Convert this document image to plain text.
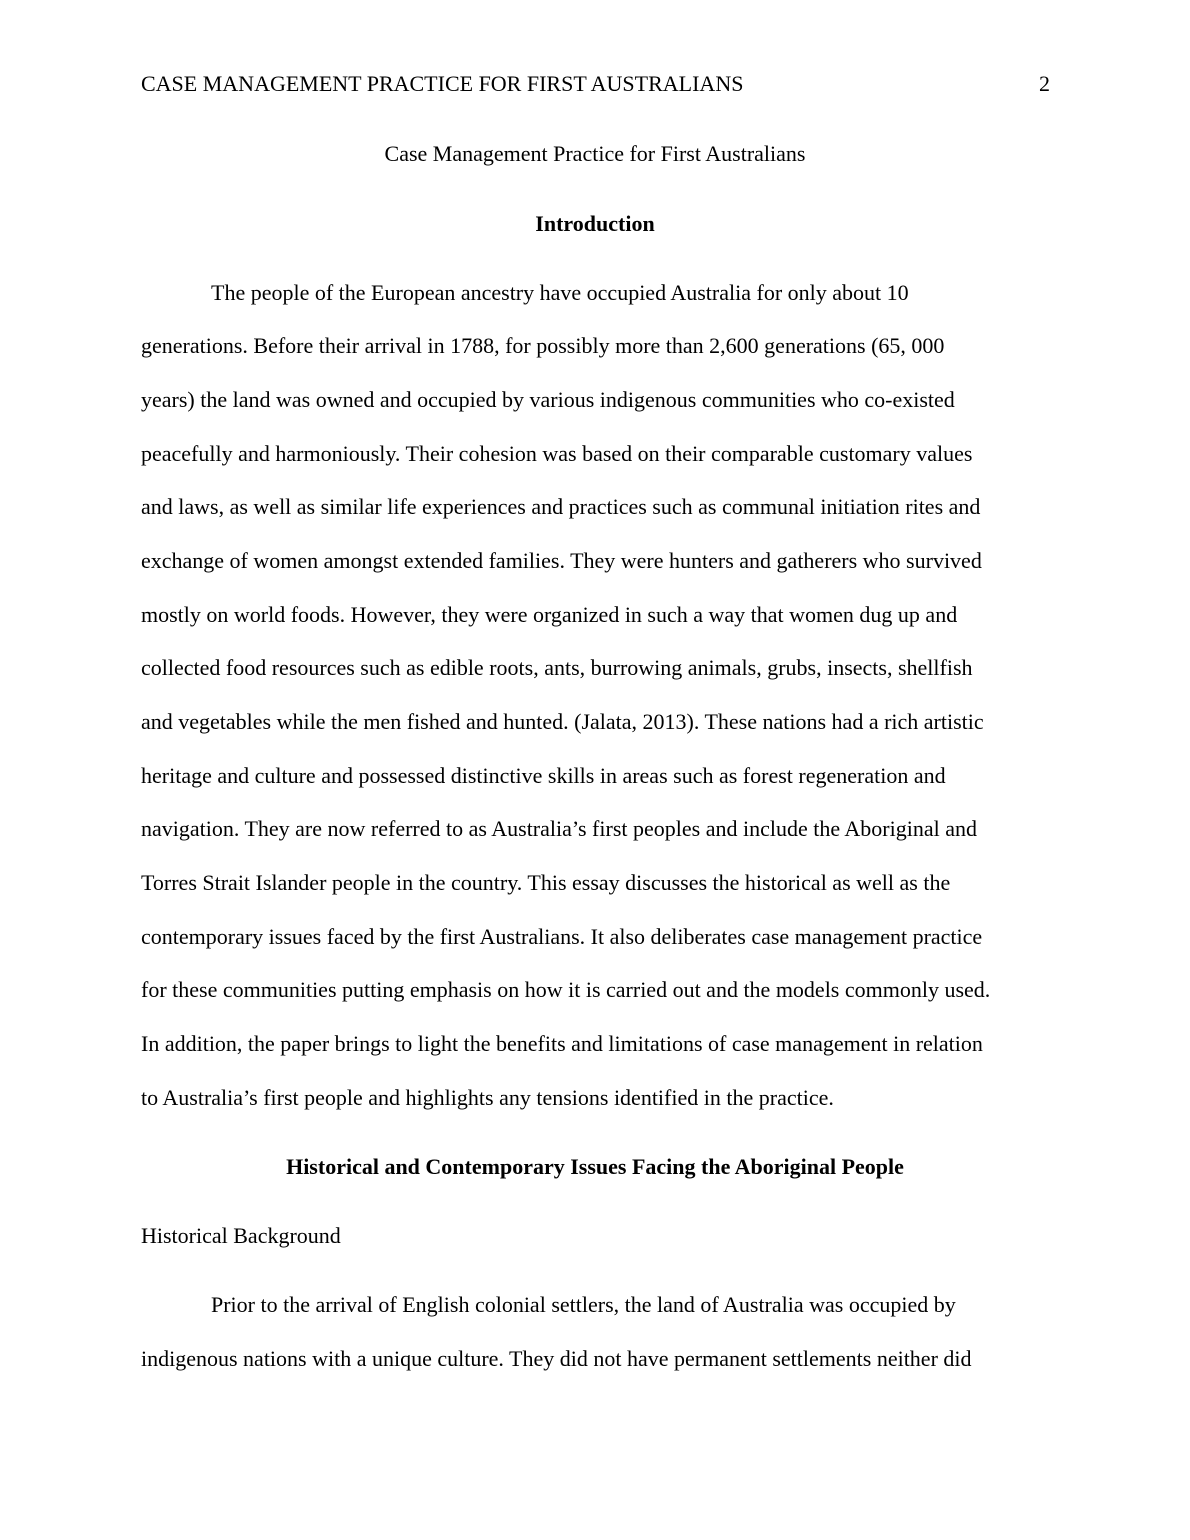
CASE MANAGEMENT PRACTICE FOR FIRST AUSTRALIANS	2
Case Management Practice for First Australians
Introduction
The people of the European ancestry have occupied Australia for only about 10
generations. Before their arrival in 1788, for possibly more than 2,600 generations (65, 000
years) the land was owned and occupied by various indigenous communities who co-existed
peacefully and harmoniously. Their cohesion was based on their comparable customary values
and laws, as well as similar life experiences and practices such as communal initiation rites and
exchange of women amongst extended families. They were hunters and gatherers who survived
mostly on world foods. However, they were organized in such a way that women dug up and
collected food resources such as edible roots, ants, burrowing animals, grubs, insects, shellfish
and vegetables while the men fished and hunted. (Jalata, 2013). These nations had a rich artistic
heritage and culture and possessed distinctive skills in areas such as forest regeneration and
navigation. They are now referred to as Australia’s first peoples and include the Aboriginal and
Torres Strait Islander people in the country. This essay discusses the historical as well as the
contemporary issues faced by the first Australians. It also deliberates case management practice
for these communities putting emphasis on how it is carried out and the models commonly used.
In addition, the paper brings to light the benefits and limitations of case management in relation
to Australia’s first people and highlights any tensions identified in the practice.
Historical and Contemporary Issues Facing the Aboriginal People
Historical Background
Prior to the arrival of English colonial settlers, the land of Australia was occupied by
indigenous nations with a unique culture. They did not have permanent settlements neither did
